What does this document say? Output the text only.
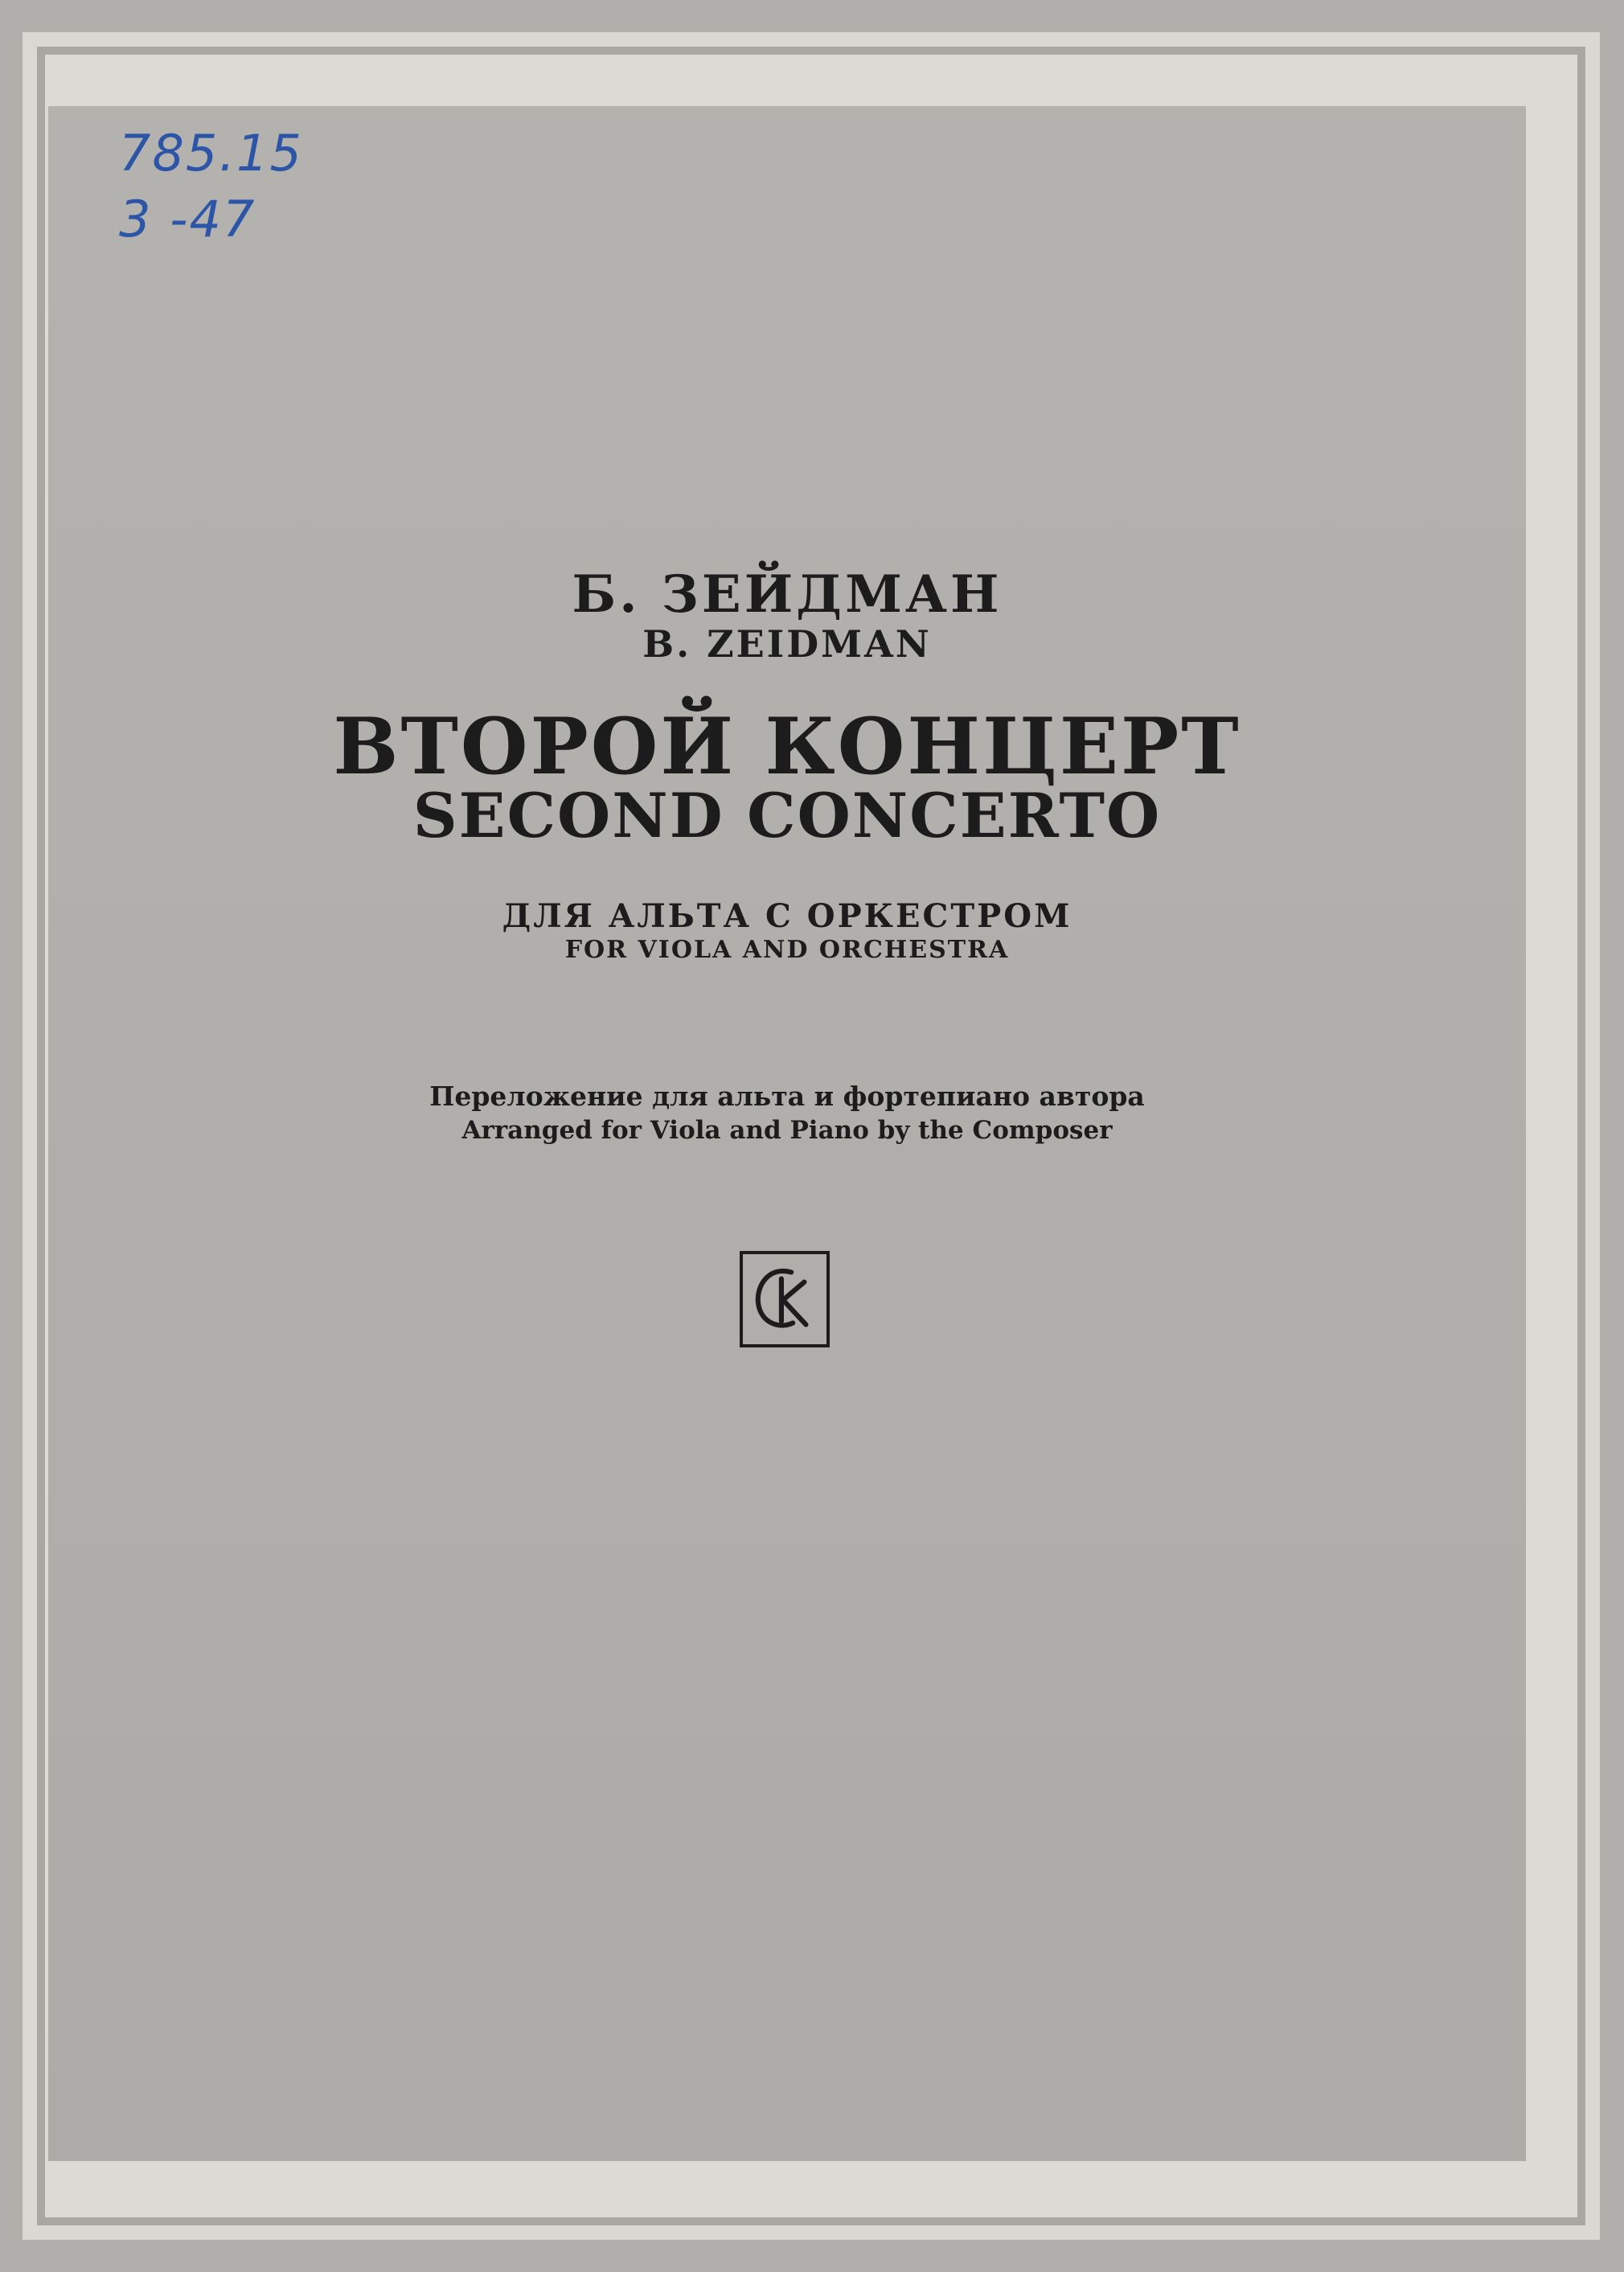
785.15
3 -47
Б. ЗЕЙДМАН
B. ZEIDMAN
ВТОРОЙ КОНЦЕРТ
SECOND CONCERTO
ДЛЯ АЛЬТА С ОРКЕСТРОМ
FOR VIOLA AND ORCHESTRA
Переложение для альта и фортепиано автора
Arranged for Viola and Piano by the Composer
